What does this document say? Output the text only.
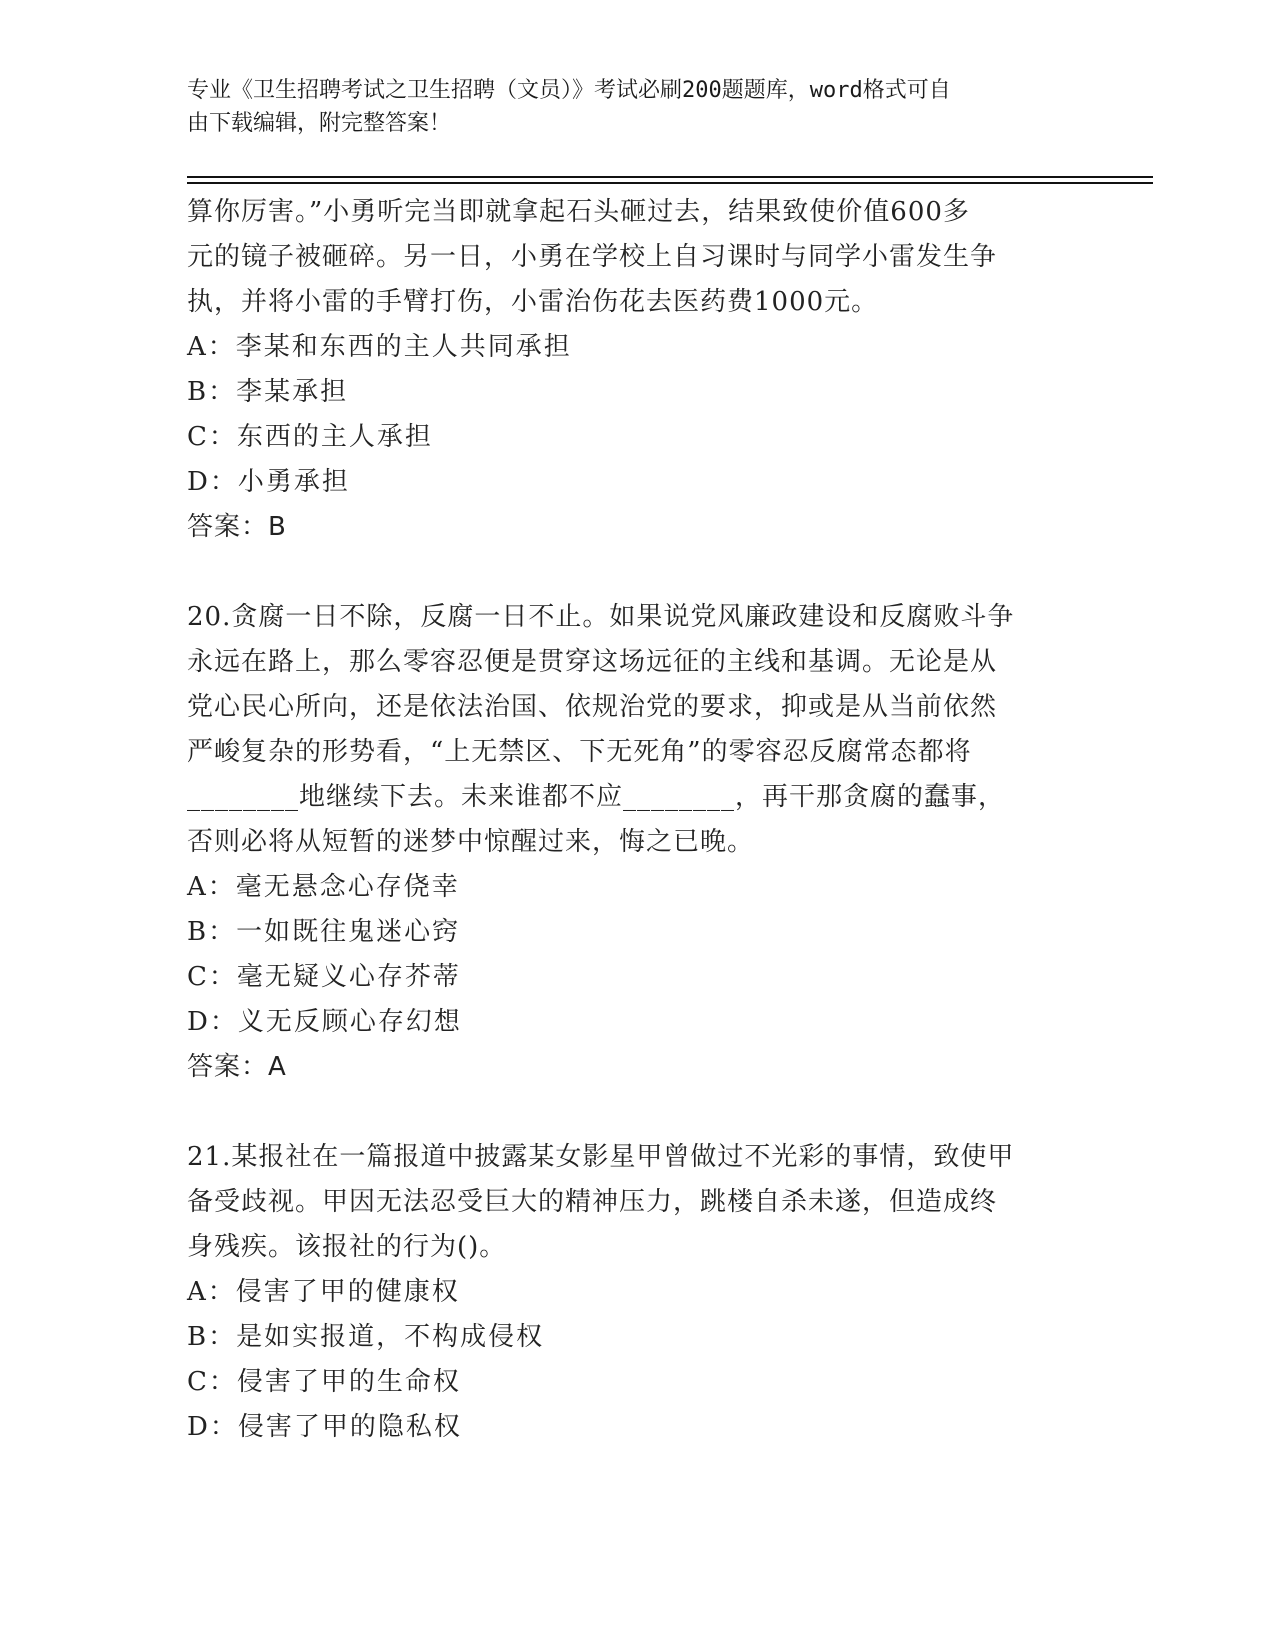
专业《卫生招聘考试之卫生招聘（文员）》考试必刷200题题库，word格式可自
由下载编辑，附完整答案！

算你厉害。”小勇听完当即就拿起石头砸过去，结果致使价值600多

元的镜子被砸碎。另一日，小勇在学校上自习课时与同学小雷发生争

执，并将小雷的手臂打伤，小雷治伤花去医药费1000元。

A：李某和东西的主人共同承担

B：李某承担

C：东西的主人承担

D：小勇承担

答案：B

20.贪腐一日不除，反腐一日不止。如果说党风廉政建设和反腐败斗争

永远在路上，那么零容忍便是贯穿这场远征的主线和基调。无论是从

党心民心所向，还是依法治国、依规治党的要求，抑或是从当前依然

严峻复杂的形势看，“上无禁区、下无死角”的零容忍反腐常态都将

________地继续下去。未来谁都不应________，再干那贪腐的蠢事，

否则必将从短暂的迷梦中惊醒过来，悔之已晚。

A：毫无悬念心存侥幸

B：一如既往鬼迷心窍

C：毫无疑义心存芥蒂

D：义无反顾心存幻想

答案：A

21.某报社在一篇报道中披露某女影星甲曾做过不光彩的事情，致使甲

备受歧视。甲因无法忍受巨大的精神压力，跳楼自杀未遂，但造成终

身残疾。该报社的行为()。

A：侵害了甲的健康权

B：是如实报道，不构成侵权

C：侵害了甲的生命权

D：侵害了甲的隐私权
